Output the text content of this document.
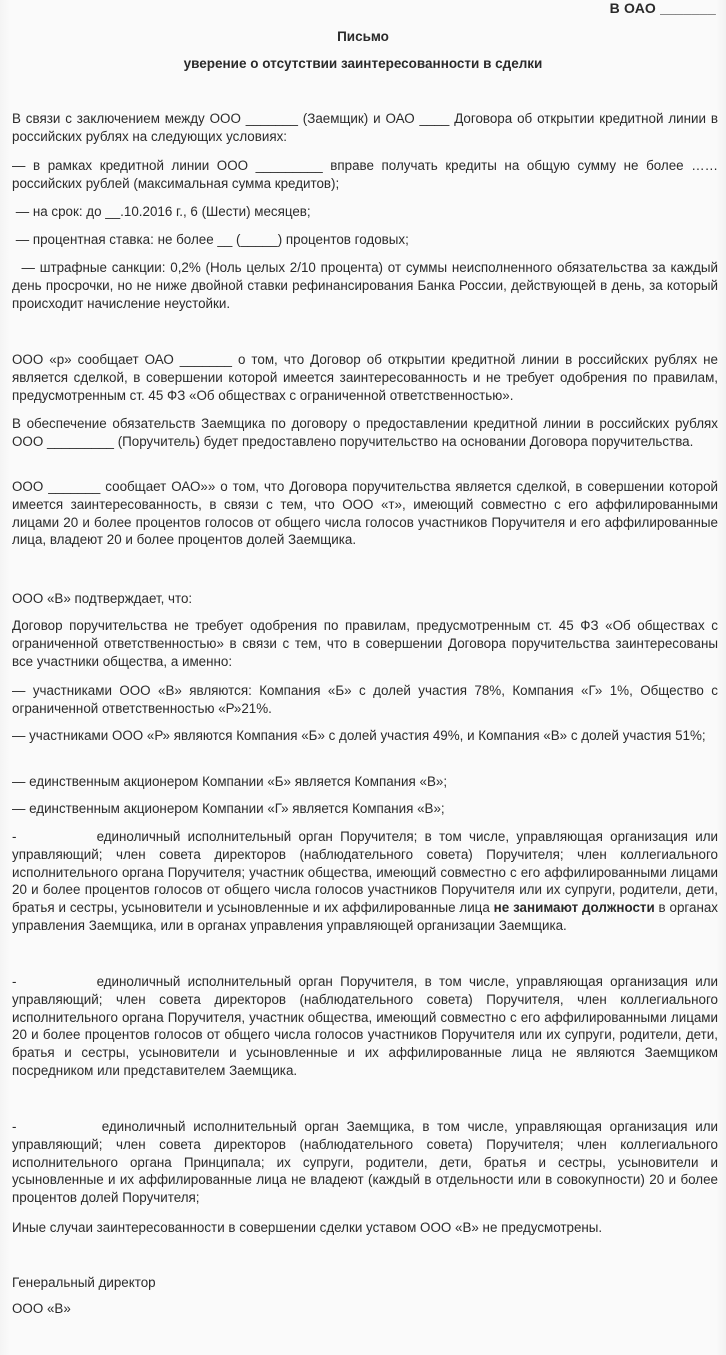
В ОАО _______
Письмо
уверение о отсутствии заинтересованности в сделки

В связи с заключением между ООО _______ (Заемщик) и ОАО ____ Договора об открытии кредитной линии в российских рублях на следующих условиях:

— в рамках кредитной линии ООО _________ вправе получать кредиты на общую сумму не более …… российских рублей (максимальная сумма кредитов);

— на срок: до __.10.2016 г., 6 (Шести) месяцев;

— процентная ставка: не более __ (_____) процентов годовых;

— штрафные санкции: 0,2% (Ноль целых 2/10 процента) от суммы неисполненного обязательства за каждый день просрочки, но не ниже двойной ставки рефинансирования Банка России, действующей в день, за который происходит начисление неустойки.

ООО «р» сообщает ОАО _______ о том, что Договор об открытии кредитной линии в российских рублях не является сделкой, в совершении которой имеется заинтересованность и не требует одобрения по правилам, предусмотренным ст. 45 ФЗ «Об обществах с ограниченной ответственностью».

В обеспечение обязательств Заемщика по договору о предоставлении кредитной линии в российских рублях ООО _________ (Поручитель) будет предоставлено поручительство на основании Договора поручительства.

ООО _______ сообщает ОАО»» о том, что Договора поручительства является сделкой, в совершении которой имеется заинтересованность, в связи с тем, что ООО «т», имеющий совместно с его аффилированными лицами 20 и более процентов голосов от общего числа голосов участников Поручителя и его аффилированные лица, владеют 20 и более процентов долей Заемщика.

ООО «В» подтверждает, что:

Договор поручительства не требует одобрения по правилам, предусмотренным ст. 45 ФЗ «Об обществах с ограниченной ответственностью» в связи с тем, что в совершении Договора поручительства заинтересованы все участники общества, а именно:

— участниками ООО «В» являются: Компания «Б» с долей участия 78%, Компания «Г» 1%, Общество с ограниченной ответственностью «Р»21%.

— участниками ООО «Р» являются Компания «Б» с долей участия 49%, и Компания «В» с долей участия 51%;

— единственным акционером Компании «Б» является Компания «В»;

— единственным акционером Компании «Г» является Компания «В»;

-           единоличный исполнительный орган Поручителя; в том числе, управляющая организация или управляющий; член совета директоров (наблюдательного совета) Поручителя; член коллегиального исполнительного органа Поручителя; участник общества, имеющий совместно с его аффилированными лицами 20 и более процентов голосов от общего числа голосов участников Поручителя или их супруги, родители, дети, братья и сестры, усыновители и усыновленные и их аффилированные лица не занимают должности в органах управления Заемщика, или в органах управления управляющей организации Заемщика.

-           единоличный исполнительный орган Поручителя, в том числе, управляющая организация или управляющий; член совета директоров (наблюдательного совета) Поручителя, член коллегиального исполнительного органа Поручителя, участник общества, имеющий совместно с его аффилированными лицами 20 и более процентов голосов от общего числа голосов участников Поручителя или их супруги, родители, дети, братья и сестры, усыновители и усыновленные и их аффилированные лица не являются Заемщиком посредником или представителем Заемщика.

-           единоличный исполнительный орган Заемщика, в том числе, управляющая организация или управляющий; член совета директоров (наблюдательного совета) Поручителя; член коллегиального исполнительного органа Принципала; их супруги, родители, дети, братья и сестры, усыновители и усыновленные и их аффилированные лица не владеют (каждый в отдельности или в совокупности) 20 и более процентов долей Поручителя;

Иные случаи заинтересованности в совершении сделки уставом ООО «В» не предусмотрены.

Генеральный директор

ООО «В»
